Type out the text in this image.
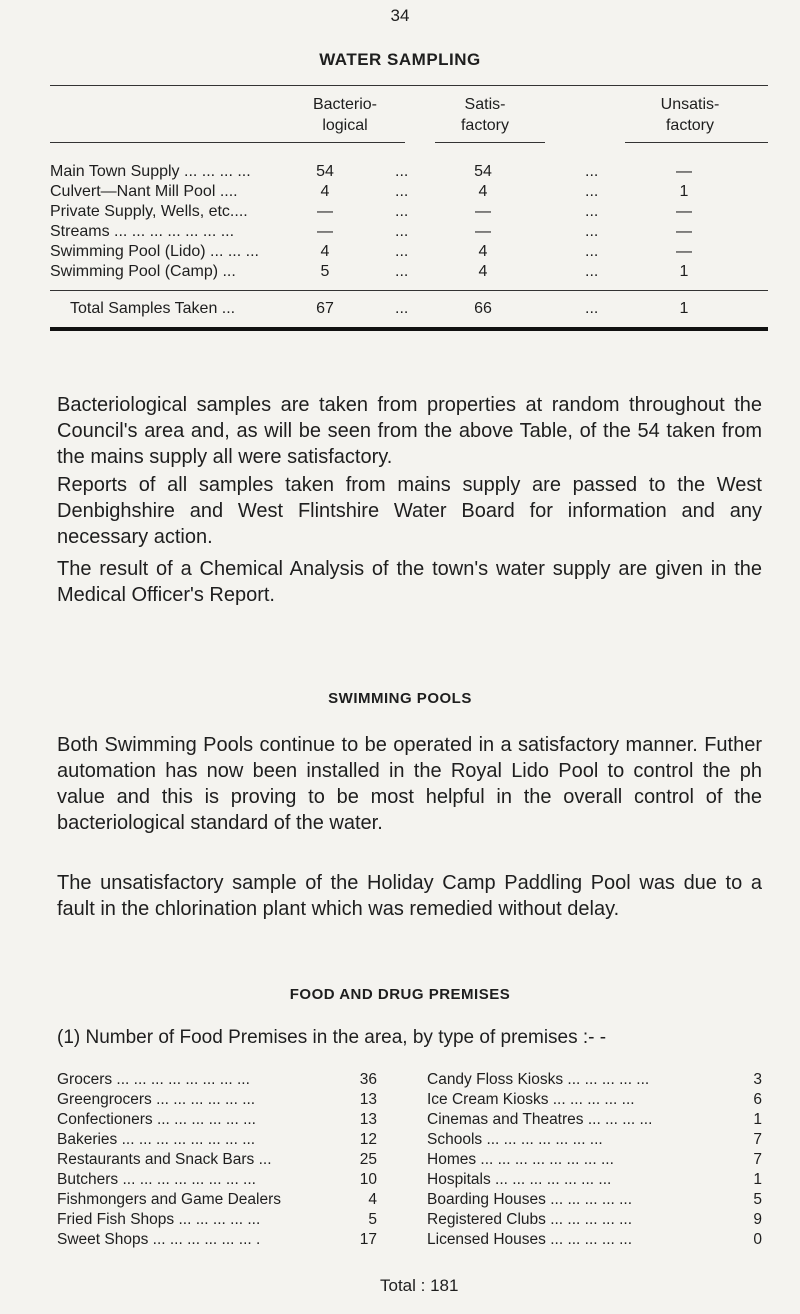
34
WATER SAMPLING
Bacterio-
logical
Satis-
factory
Unsatis-
factory
Main Town Supply ... ... ... ...	54	...	54	...	—
Culvert—Nant Mill Pool ....	4	...	4	...	1
Private Supply, Wells, etc....	—	...	—	...	—
Streams ... ... ... ... ... ... ...	—	...	—	...	—
Swimming Pool (Lido) ... ... ...	4	...	4	...	—
Swimming Pool (Camp) ...	5	...	4	...	1
Total Samples Taken ...	67	...	66	...	1
Bacteriological samples are taken from properties at random throughout the Council's area and, as will be seen from the above Table, of the 54 taken from the mains supply all were satisfactory.
Reports of all samples taken from mains supply are passed to the West Denbighshire and West Flintshire Water Board for information and any necessary action.
The result of a Chemical Analysis of the town's water supply are given in the Medical Officer's Report.
SWIMMING POOLS
Both Swimming Pools continue to be operated in a satisfactory manner. Futher automation has now been installed in the Royal Lido Pool to control the ph value and this is proving to be most helpful in the overall control of the bacteriological standard of the water.
The unsatisfactory sample of the Holiday Camp Paddling Pool was due to a fault in the chlorination plant which was remedied without delay.
FOOD AND DRUG PREMISES
(1) Number of Food Premises in the area, by type of premises :- -
Grocers ... ... ... ... ... ... ... ...	36
Greengrocers ... ... ... ... ... ...	13
Confectioners ... ... ... ... ... ...	13
Bakeries ... ... ... ... ... ... ... ...	12
Restaurants and Snack Bars ...	25
Butchers ... ... ... ... ... ... ... ...	10
Fishmongers and Game Dealers	4
Fried Fish Shops ... ... ... ... ...	5
Sweet Shops ... ... ... ... ... ... .	17
Candy Floss Kiosks ... ... ... ... ...	3
Ice Cream Kiosks ... ... ... ... ...	6
Cinemas and Theatres ... ... ... ...	1
Schools ... ... ... ... ... ... ...	7
Homes ... ... ... ... ... ... ... ...	7
Hospitals ... ... ... ... ... ... ...	1
Boarding Houses ... ... ... ... ...	5
Registered Clubs ... ... ... ... ...	9
Licensed Houses ... ... ... ... ...	0
Total : 181
